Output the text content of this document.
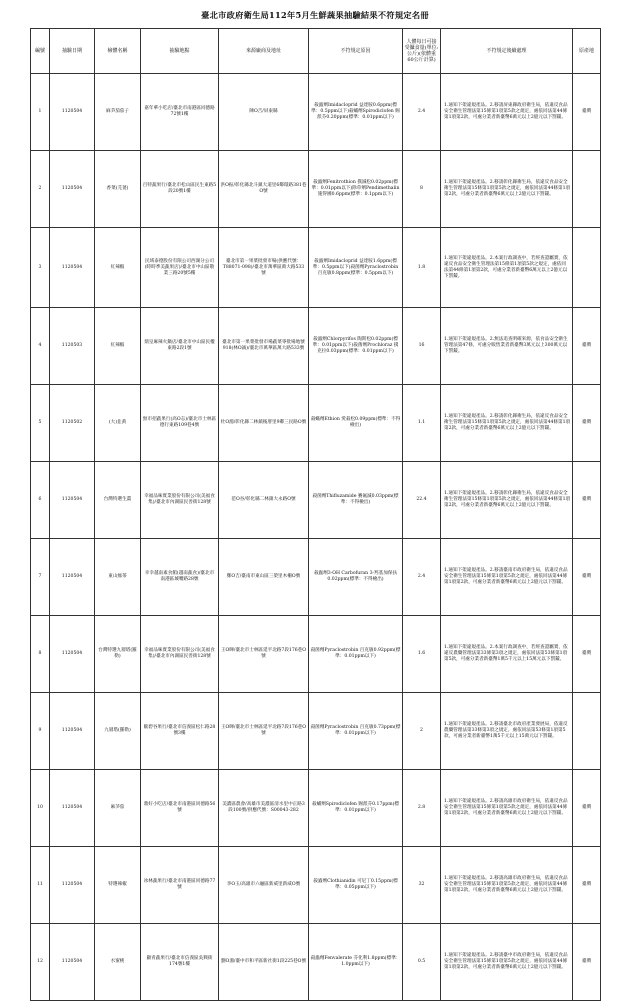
臺北市政府衛生局112年5月生鮮蔬果抽驗結果不符規定名冊
編號	抽驗日期	檢體名稱	抽驗地點	來源廠商及地址	不符規定原因	人體每日可接受攝食量(單位:公斤)(依體重60公斤計算)	不符規定後續處理	原產地
1	1120504	麻芛茄茄子	嘉年華小吃店/臺北市南港區同德路72號1樓	陳O吉/屏東縣	殺蟲劑Imidacloprid 益達胺0.6ppm(標準：0.5ppm以下)殺蟎劑Spirodiclofen 賜派芬0.20ppm(標準：0.01ppm以下)	2.4	1.通知下架違規產品。2.移請屏東縣政府衛生局，依違反食品安全衛生管理法第15條第1項第5款之規定，處依同法第44條第1項第2款，可處分業者新臺幣6萬元以上2億元以下罰鍰。	臺灣
2	1120504	香菜(芫荽)	百特蔬果行/臺北市松山區民生東路5段20號1樓	洪O振/彰化縣北斗鎮大道里6鄰環路381巷O號	殺蟲劑Fenitrothion 撲滅松0.02ppm(標準：0.01ppm以下)除草劑Pendimethalin 施得圃0.6ppm(標準：0.1ppm以下)	8	1.通知下架違規產品。2.移請彰化縣衛生局，依違反食品安全衛生管理法第15條第1項第5款之規定，處依同法第44條第1項第2款，可處分業者新臺幣6萬元以上2億元以下罰鍰。	
3	1120504	紅辣椒	民域泰德股份有限公司西湖分公司(時時季美蔬果店)/臺北市中山區敬業三路20號5樓	臺北市第一果菜批發市場(供應代號：T88071-098)/臺北市萬華區萬大路533號	殺蟲劑Imidacloprid 益達胺1.6ppm(標準：0.5ppm以下)殺菌劑Pyraclostrobin 百克敏0.8ppm(標準：0.5ppm以下)	1.8	1.通知下架違規產品。2.本案行政調查中，若經查證屬實，依違反食品安全衛生管理法第15條第1項第5款之規定，處依同法第44條第1項第2款，可處分業者新臺幣6萬元以上2億元以下罰鍰。	
4	1120503	紅辣椒	鼎皇麻辣火鍋店/臺北市中山區民權東路2段1號	臺北市第一果菜批發市場蔬菜零批場地號918(林O誠)/臺北市萬華區萬大路533號	殺蟲劑Chlorpyrifos 陶斯松0.02ppm(標準：0.01ppm以下)殺菌劑Prochloraz 撲克拉0.03ppm(標準：0.01ppm以下)	16	1.通知下架違規產品。2.無法追查明確來源，依食品安全衛生管理法第47條，可處分販售業者新臺幣3萬元以上300萬元以下罰鍰。	臺灣
5	1120502	(大)韭黃	無市招蔬果行(高O志)/臺北市士林區德行東路109巷4號	杜O鴻/彰化縣二林鎮後厝里9鄰三民路O號	殺蟎劑Ethion 愛殺松0.09ppm(標準：不得檢出)	1.1	1.通知下架違規產品。2.移請彰化縣衛生局，依違反食品安全衛生管理法第15條第1項第5款之規定，處依同法第44條第1項第2款，可處分業者新臺幣6萬元以上2億元以下罰鍰。	臺灣
6	1120504	台灣特選生薑	幸福品味實業股份有限公司(美福食集)/臺北市內湖區民善街128號	范O谷/彰化縣二林鎮大永路O號	殺菌劑Thifluzamide 賽氟滅0.03ppm(標準：不得檢出)	22.4	1.通知下架違規產品。2.移請彰化縣衛生局，依違反食品安全衛生管理法第15條第1項第5款之規定，處依同法第44條第1項第2款，可處分業者新臺幣6萬元以上2億元以下罰鍰。	臺灣
7	1120504	東山綠茶	幸幸越南素食館(越南蔬食)/臺北市南港區城嘴路28號	鄭O吉/臺南市東山區三榮里木柵O號	殺蟲劑3-OH Carbofuran 3-羥基加保扶0.02ppm(標準：不得檢出)	2.4	1.通知下架違規產品。2.移請臺南市政府衛生局，依違反食品安全衛生管理法第15條第1項第5款之規定，處依同法第44條第1項第2款，可處分業者新臺幣6萬元以上2億元以下罰鍰。	臺灣
8	1120504	台灣特選九層塔(羅勒)	幸福品味實業股份有限公司(美福食集)/臺北市內湖區民善街128號	王O暉/臺北市士林區延平北路7段176巷O號	殺菌劑Pyraclostrobin 百克敏0.92ppm(標準：0.01ppm以下)	1.6	1.通知下架違規產品。2.本案行政調查中，若經查證屬實，依違反農藥管理法第33條第3項之規定，處依同法第53條第1項第5款，可處分業者新臺幣1萬5千元以上15萬元以下罰鍰。	臺灣
9	1120504	九層塔(羅勒)	歐碧谷果行/臺北市信義區松仁路28號3樓	王O暉/臺北市士林區延平北路7段176巷O號	殺菌劑Pyraclostrobin 百克敏0.73ppm(標準：0.01ppm以下)	2	1.通知下架違規產品。2.移請臺北市政府產業發展局，依違反農藥管理法第33條第3項之規定，處依同法第53條第1項第5款，可處分業者新臺幣1萬5千元以上15萬元以下罰鍰。	
10	1120504	麻芛茄	鼎好小吃店/臺北市南港區同德路56號	美濃區農會/高雄市美濃區清水里中正路3段100號/供應代號：S00043-282	殺蟎劑Spirodiclofen 賜派芬0.17ppm(標準：0.01ppm以下)	2.8	1.通知下架違規產品。2.移請高雄市政府衛生局，依違反食品安全衛生管理法第15條第1項第5款之規定，處依同法第44條第1項第2款，可處分業者新臺幣6萬元以上2億元以下罰鍰。	臺灣
11	1120504	特選辣椒	冰林蔬果行/臺北市南港區同德路77號	李O玉/高雄市六龜區新威里新威O號	殺蟲劑Clothianidin 可尼丁0.15ppm(標準：0.05ppm以下)	32	1.通知下架違規產品。2.移請高雄市政府衛生局，依違反食品安全衛生管理法第15條第1項第5款之規定，處依同法第44條第1項第2款，可處分業者新臺幣6萬元以上2億元以下罰鍰。	臺灣
12	1120504	水蜜桃	顯青蔬果行/臺北市信義區吳興街174號1樓	劉O鴻/臺中市和平區新社街1段225巷O號	殺蟲劑Fenvalerate 芬化利1.8ppm(標準：1.0ppm以下)	0.5	1.通知下架違規產品。2.移請臺中市政府衛生局，依違反食品安全衛生管理法第15條第1項第5款之規定，處依同法第44條第1項第2款，可處分業者新臺幣6萬元以上2億元以下罰鍰。	臺灣
